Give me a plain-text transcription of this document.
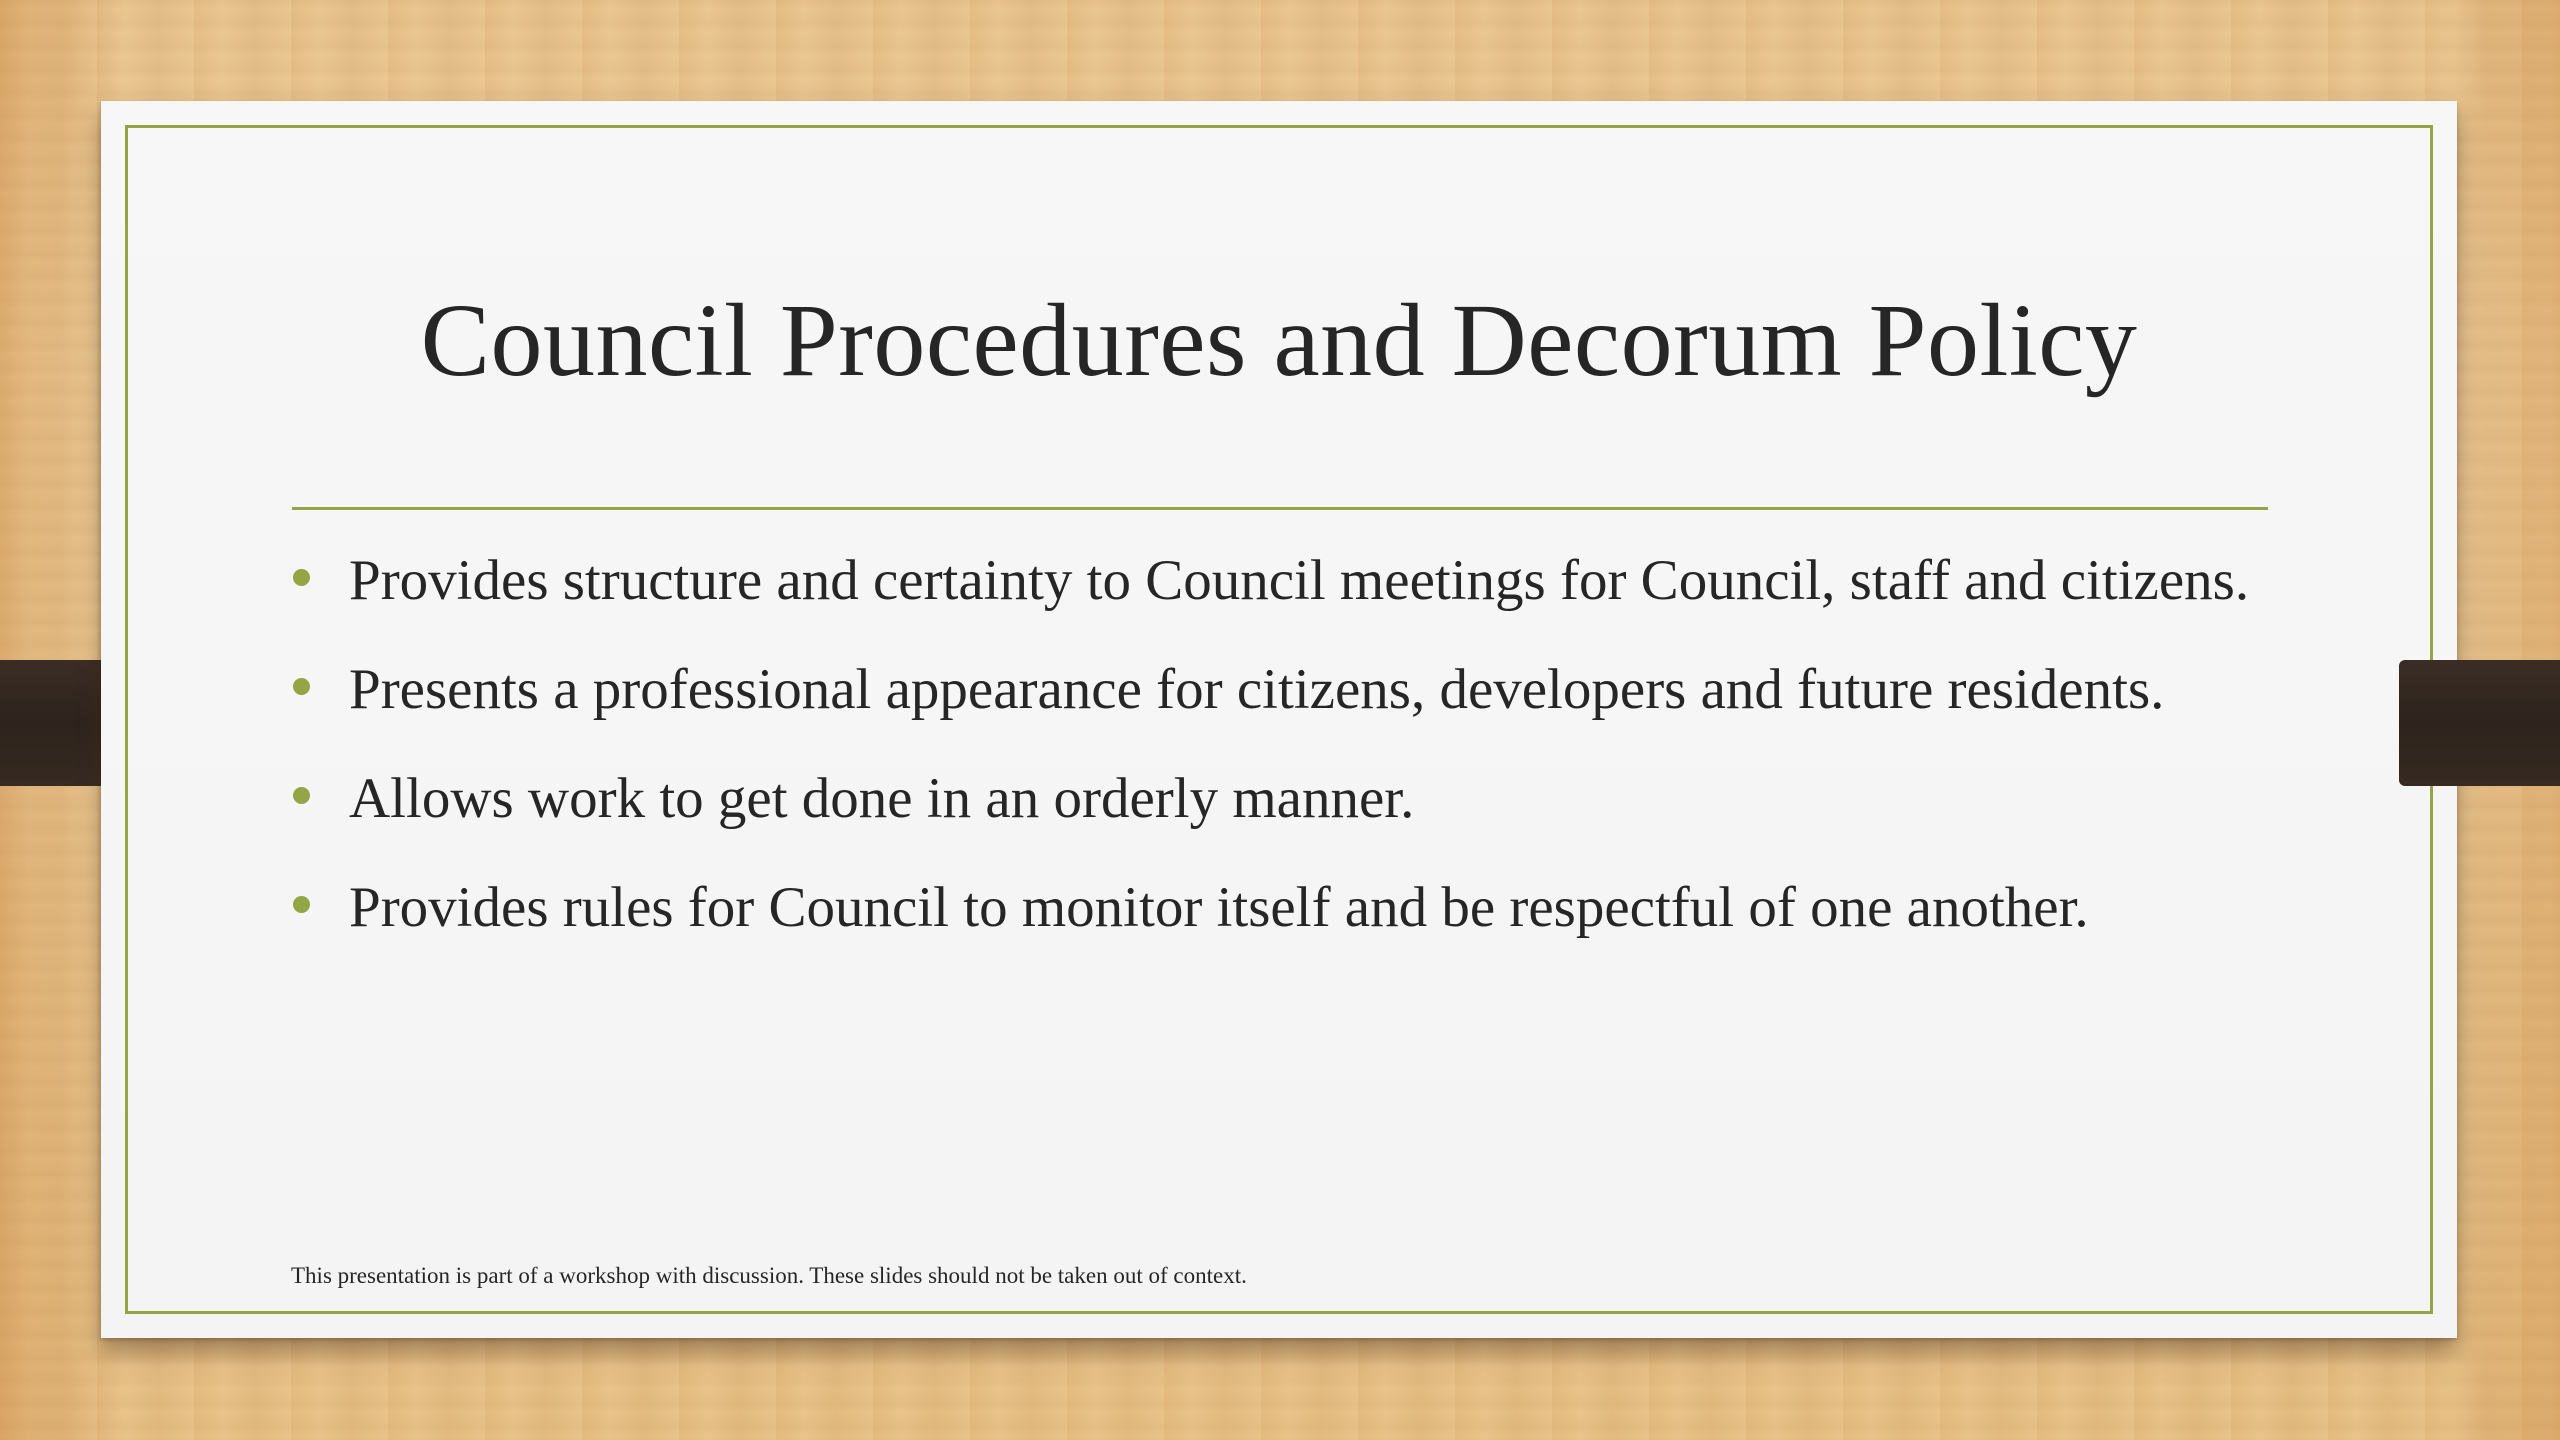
Council Procedures and Decorum Policy
Provides structure and certainty to Council meetings for Council, staff and citizens.
Presents a professional appearance for citizens, developers and future residents.
Allows work to get done in an orderly manner.
Provides rules for Council to monitor itself and be respectful of one another.
This presentation is part of a workshop with discussion. These slides should not be taken out of context.
